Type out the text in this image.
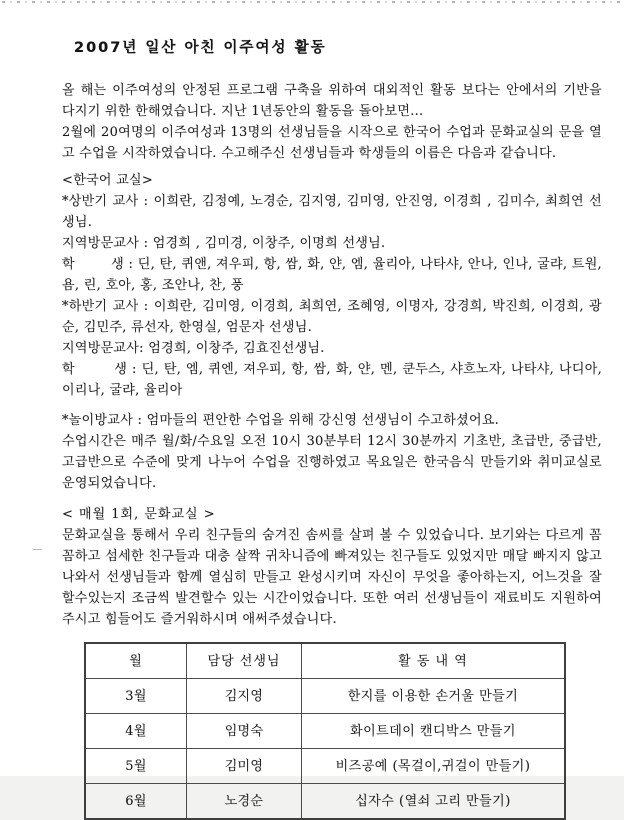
2007년 일산 아친 이주여성 활동

올 해는 이주여성의 안정된 프로그램 구축을 위하여 대외적인 활동 보다는 안에서의 기반을 다지기 위한 한해였습니다. 지난 1년동안의 활동을 돌아보면...

2월에 20여명의 이주여성과 13명의 선생님들을 시작으로 한국어 수업과 문화교실의 문을 열고 수업을 시작하였습니다. 수고해주신 선생님들과 학생들의 이름은 다음과 같습니다.

<한국어 교실>

*상반기 교사 : 이희란, 김정예, 노경순, 김지영, 김미영, 안진영, 이경희 , 김미수, 최희연 선생님.

지역방문교사 : 엄경희 , 김미경, 이창주, 이명희 선생님.

학        생 : 딘, 탄, 퀴앤, 져우피, 항, 쌈, 화, 얀, 엠, 율리아, 나타샤, 안나, 인나, 굴랴, 트원, 욤, 린, 호아, 홍, 조안나, 찬, 풍

*하반기 교사 : 이희란, 김미영, 이경희, 최희연, 조혜영, 이명자, 강경희, 박진희, 이경희, 광순, 김민주, 류선자, 한영실, 엄문자 선생님.

지역방문교사: 엄경희, 이창주, 김효진선생님.

학        생 : 딘, 탄, 엠, 퀴엔, 져우피, 항, 쌈, 화, 얀, 멘, 쿤두스, 샤흐노자, 나타샤, 나디아, 이리나, 굴랴, 율리아

*놀이방교사 : 엄마들의 편안한 수업을 위해 강신영 선생님이 수고하셨어요.

수업시간은 매주 월/화/수요일 오전 10시 30분부터 12시 30분까지 기초반, 초급반, 중급반, 고급반으로 수준에 맞게 나누어 수업을 진행하였고 목요일은 한국음식 만들기와 취미교실로 운영되었습니다.

< 매월 1회, 문화교실 >

문화교실을 통해서 우리 친구들의 숨겨진 솜씨를 살펴 볼 수 있었습니다. 보기와는 다르게 꼼꼼하고 섬세한 친구들과 대충 살짝 귀차니즘에 빠져있는 친구들도 있었지만 매달 빠지지 않고 나와서 선생님들과 함께 열심히 만들고 완성시키며 자신이 무엇을 좋아하는지, 어느것을 잘 할수있는지 조금씩 발견할수 있는 시간이었습니다. 또한 여러 선생님들이 재료비도 지원하여 주시고 힘들어도 즐거워하시며 애써주셨습니다.

월	담당 선생님	활 동 내 역
3월	김지영	한지를 이용한 손거울 만들기
4월	임명숙	화이트데이 캔디박스 만들기
5월	김미영	비즈공예 (목걸이,귀걸이 만들기)
6월	노경순	십자수 (열쇠 고리 만들기)
